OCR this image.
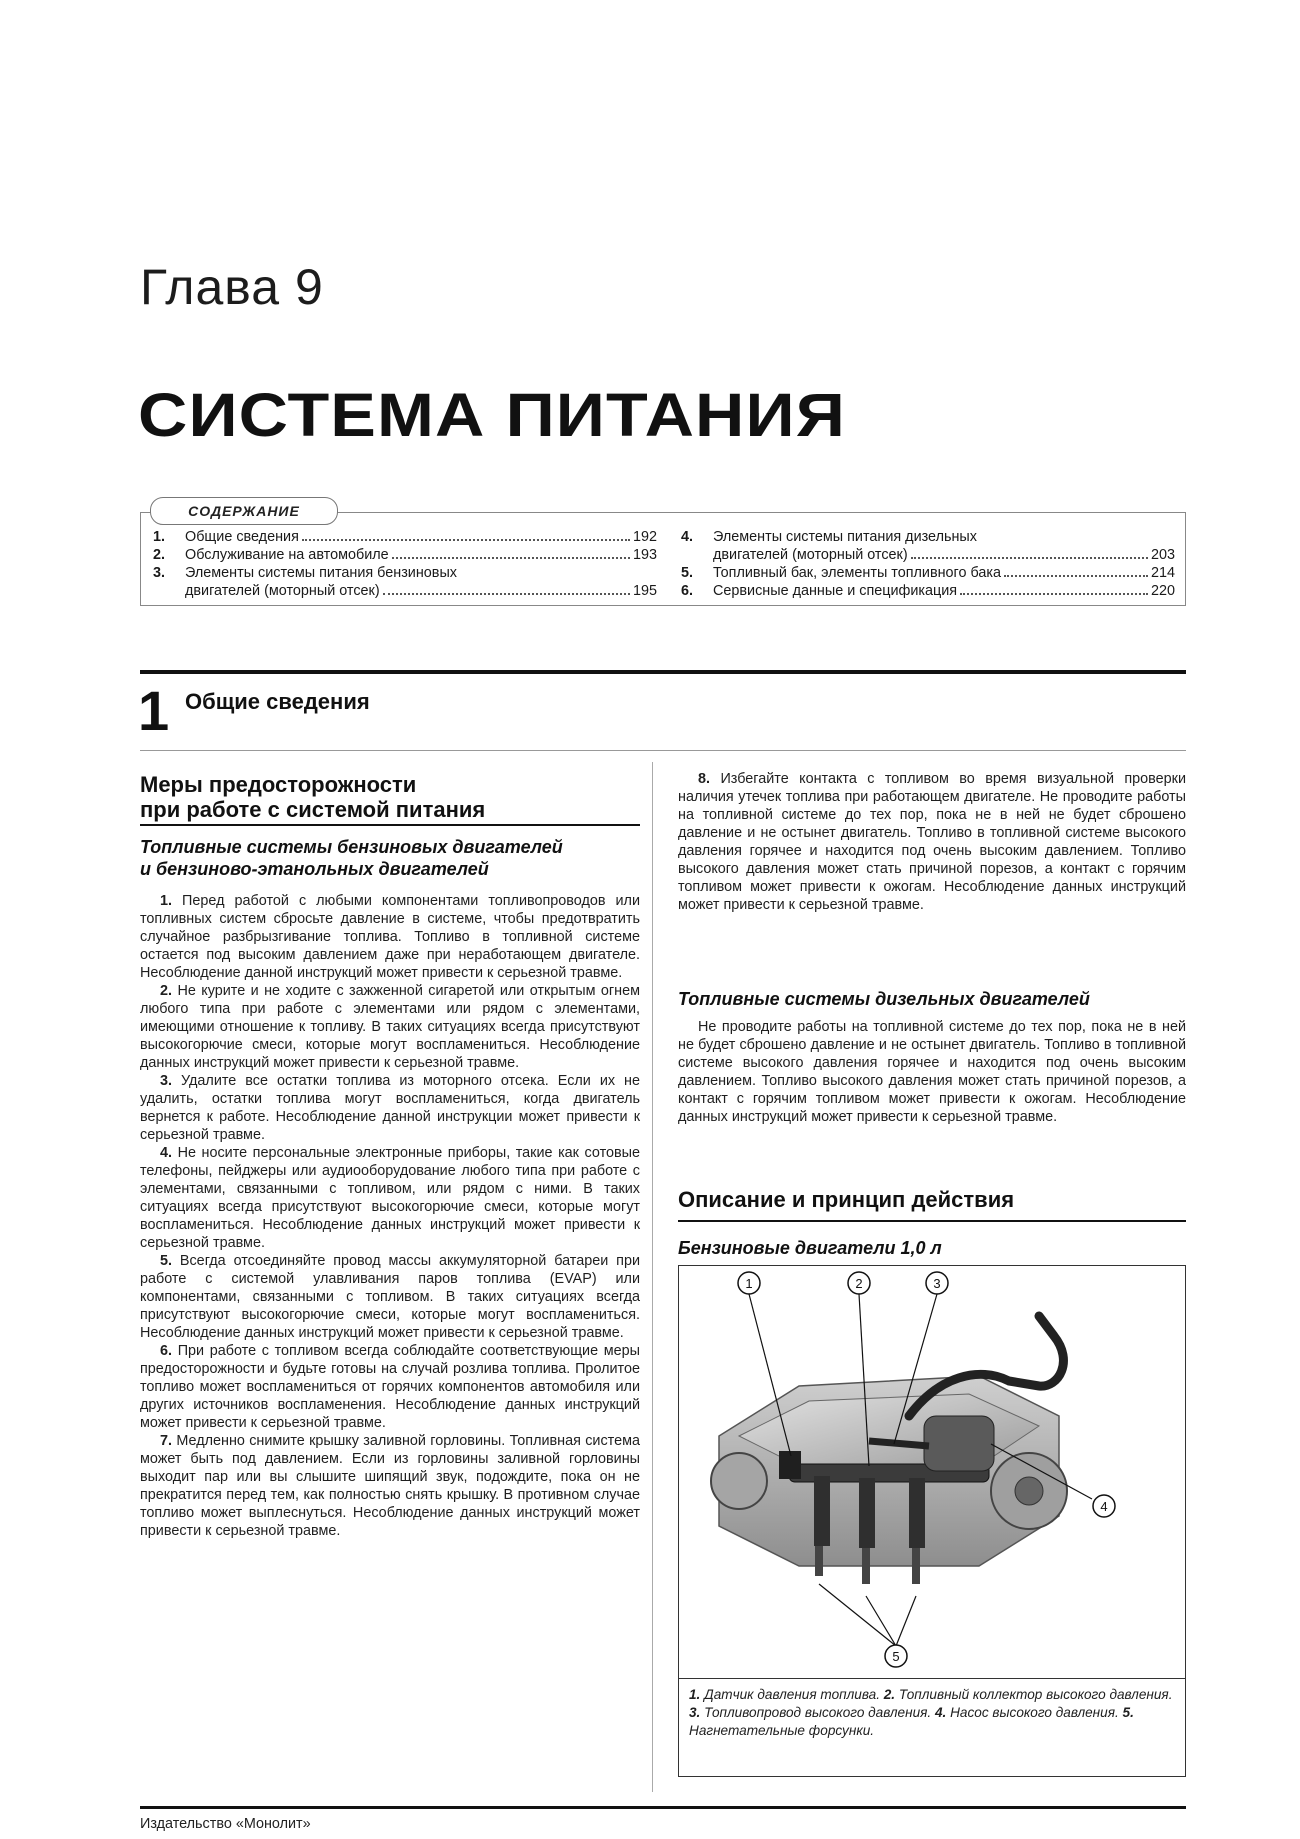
Глава 9
СИСТЕМА ПИТАНИЯ
1.	Общие сведения	192
2.	Обслуживание на автомобиле	193
3.	Элементы системы питания бензиновых
двигателей (моторный отсек)	195
4.	Элементы системы питания дизельных
двигателей (моторный отсек)	203
5.	Топливный бак, элементы топливного бака	214
6.	Сервисные данные и спецификация	220
СОДЕРЖАНИЕ
1 Общие сведения
Меры предосторожности
при работе с системой питания
Топливные системы бензиновых двигателей
и бензиново-этанольных двигателей

1. Перед работой с любыми компонентами топливопроводов или топливных систем сбросьте давление в системе, чтобы предотвратить случайное разбрызгивание топлива. Топливо в топливной системе остается под высоким давлением даже при неработающем двигателе. Несоблюдение данной инструкций может привести к серьезной травме.

2. Не курите и не ходите с зажженной сигаретой или открытым огнем любого типа при работе с элементами или рядом с элементами, имеющими отношение к топливу. В таких ситуациях всегда присутствуют высокогорючие смеси, которые могут воспламениться. Несоблюдение данных инструкций может привести к серьезной травме.

3. Удалите все остатки топлива из моторного отсека. Если их не удалить, остатки топлива могут воспламениться, когда двигатель вернется к работе. Несоблюдение данной инструкции может привести к серьезной травме.

4. Не носите персональные электронные приборы, такие как сотовые телефоны, пейджеры или аудиооборудование любого типа при работе с элементами, связанными с топливом, или рядом с ними. В таких ситуациях всегда присутствуют высокогорючие смеси, которые могут воспламениться. Несоблюдение данных инструкций может привести к серьезной травме.

5. Всегда отсоединяйте провод массы аккумуляторной батареи при работе с системой улавливания паров топлива (EVAP) или компонентами, связанными с топливом. В таких ситуациях всегда присутствуют высокогорючие смеси, которые могут воспламениться. Несоблюдение данных инструкций может привести к серьезной травме.

6. При работе с топливом всегда соблюдайте соответствующие меры предосторожности и будьте готовы на случай розлива топлива. Пролитое топливо может воспламениться от горячих компонентов автомобиля или других источников воспламенения. Несоблюдение данных инструкций может привести к серьезной травме.

7. Медленно снимите крышку заливной горловины. Топливная система может быть под давлением. Если из горловины заливной горловины выходит пар или вы слышите шипящий звук, подождите, пока он не прекратится перед тем, как полностью снять крышку. В противном случае топливо может выплеснуться. Несоблюдение данных инструкций может привести к серьезной травме.

8. Избегайте контакта с топливом во время визуальной проверки наличия утечек топлива при работающем двигателе. Не проводите работы на топливной системе до тех пор, пока не в ней не будет сброшено давление и не остынет двигатель. Топливо в топливной системе высокого давления горячее и находится под очень высоким давлением. Топливо высокого давления может стать причиной порезов, а контакт с горячим топливом может привести к ожогам. Несоблюдение данных инструкций может привести к серьезной травме.

Топливные системы дизельных двигателей

Не проводите работы на топливной системе до тех пор, пока не в ней не будет сброшено давление и не остынет двигатель. Топливо в топливной системе высокого давления горячее и находится под очень высоким давлением. Топливо высокого давления может стать причиной порезов, а контакт с горячим топливом может привести к ожогам. Несоблюдение данных инструкций может привести к серьезной травме.

Описание и принцип действия
Бензиновые двигатели 1,0 л
1	2	3
4
5
1. Датчик давления топлива. 2. Топливный коллектор высокого давления. 3. Топливопровод высокого давления. 4. Насос высокого давления. 5. Нагнетательные форсунки.
Издательство «Монолит»
